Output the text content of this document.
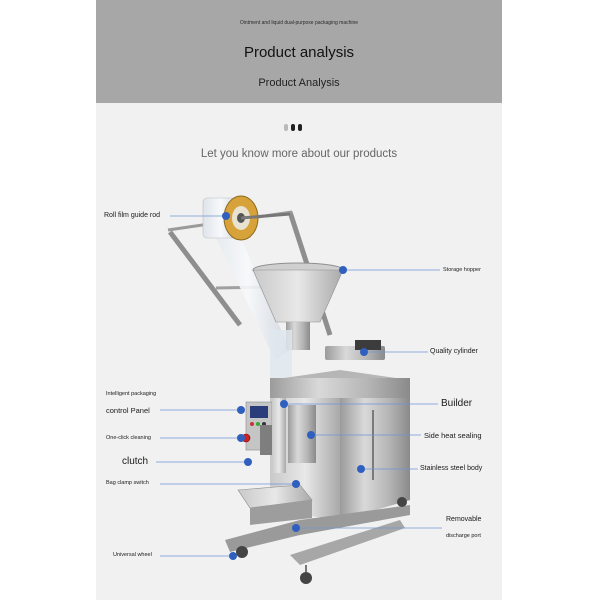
Ointment and liquid dual-purpose packaging machine
Product analysis
Product Analysis
Let you know more about our products
Roll film guide rod
Storage hopper
Quality cylinder
Intelligent packaging
control Panel
Builder
One-click cleaning	Side heat sealing
clutch
Stainless steel body
Bag clamp switch
Removable
discharge port
Universal wheel
